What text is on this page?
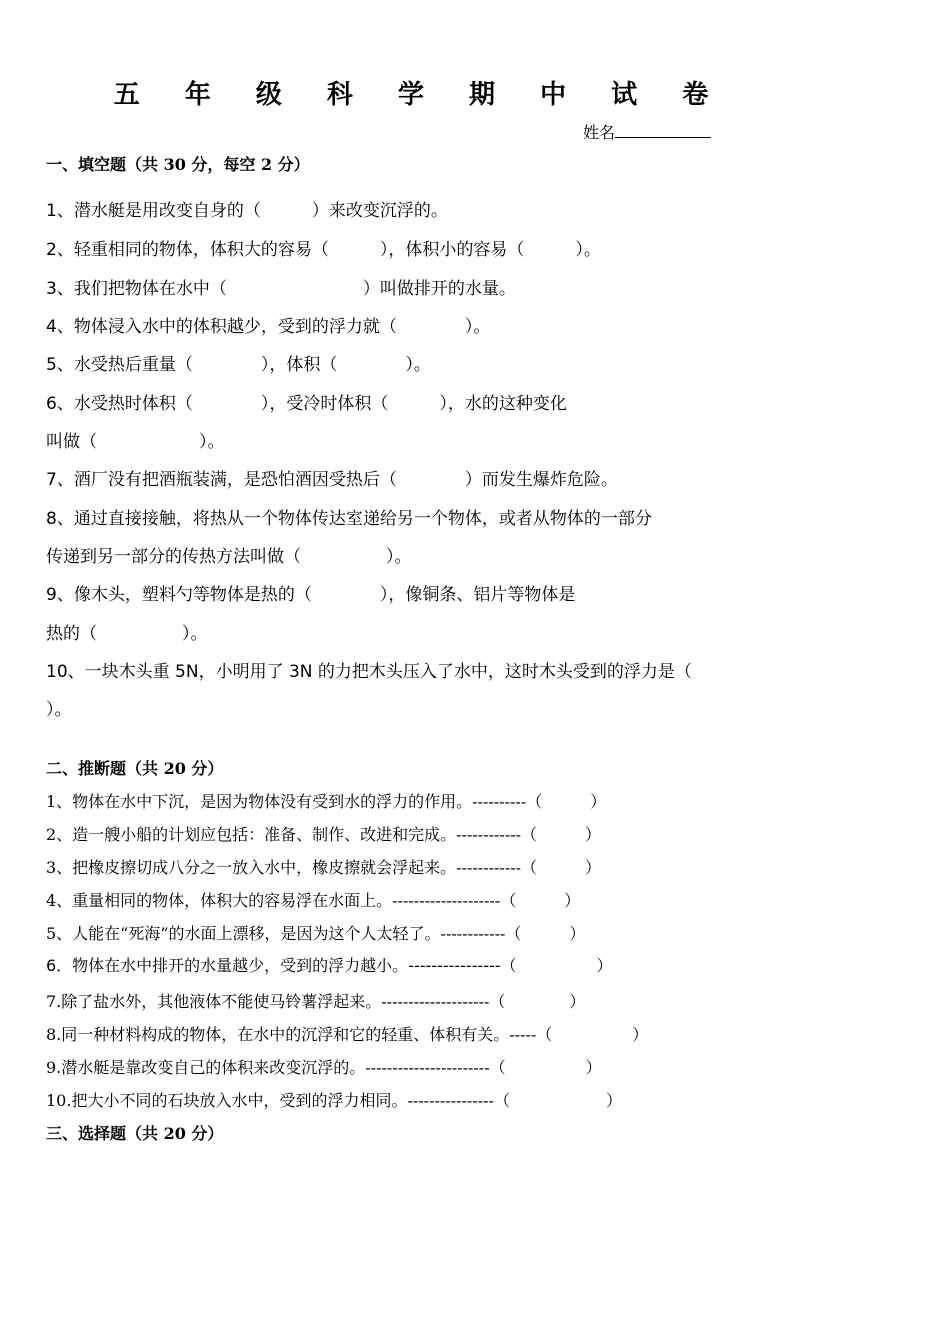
五 年 级 科 学 期 中 试 卷
姓名
一、填空题（共 30 分，每空 2 分）
1、潜水艇是用改变自身的（　　　）来改变沉浮的。
2、轻重相同的物体，体积大的容易（　　　），体积小的容易（　　　）。
3、我们把物体在水中（　　　　　　　　）叫做排开的水量。
4、物体浸入水中的体积越少，受到的浮力就（　　　　）。
5、水受热后重量（　　　　），体积（　　　　）。
6、水受热时体积（　　　　），受冷时体积（　　　），水的这种变化
叫做（　　　　　　）。
7、酒厂没有把酒瓶装满，是恐怕酒因受热后（　　　　）而发生爆炸危险。
8、通过直接接触，将热从一个物体传达室递给另一个物体，或者从物体的一部分
传递到另一部分的传热方法叫做（　　　　　）。
9、像木头，塑料勺等物体是热的（　　　　），像铜条、铝片等物体是
热的（　　　　　）。
10、一块木头重 5N，小明用了 3N 的力把木头压入了水中，这时木头受到的浮力是（
）。
二、推断题（共 20 分）
1、物体在水中下沉，是因为物体没有受到水的浮力的作用。----------（　　　）
2、造一艘小船的计划应包括：准备、制作、改进和完成。------------（　　　）
3、把橡皮擦切成八分之一放入水中，橡皮擦就会浮起来。------------（　　　）
4、重量相同的物体，体积大的容易浮在水面上。--------------------（　　　）
5、人能在“死海”的水面上漂移，是因为这个人太轻了。------------（　　　）
6．物体在水中排开的水量越少，受到的浮力越小。----------------（　　　　　）
7.除了盐水外，其他液体不能使马铃薯浮起来。--------------------（　　　　）
8.同一种材料构成的物体，在水中的沉浮和它的轻重、体积有关。-----（　　　　　）
9.潜水艇是靠改变自己的体积来改变沉浮的。-----------------------（　　　　　）
10.把大小不同的石块放入水中，受到的浮力相同。----------------（　　　　　　）
三、选择题（共 20 分）
